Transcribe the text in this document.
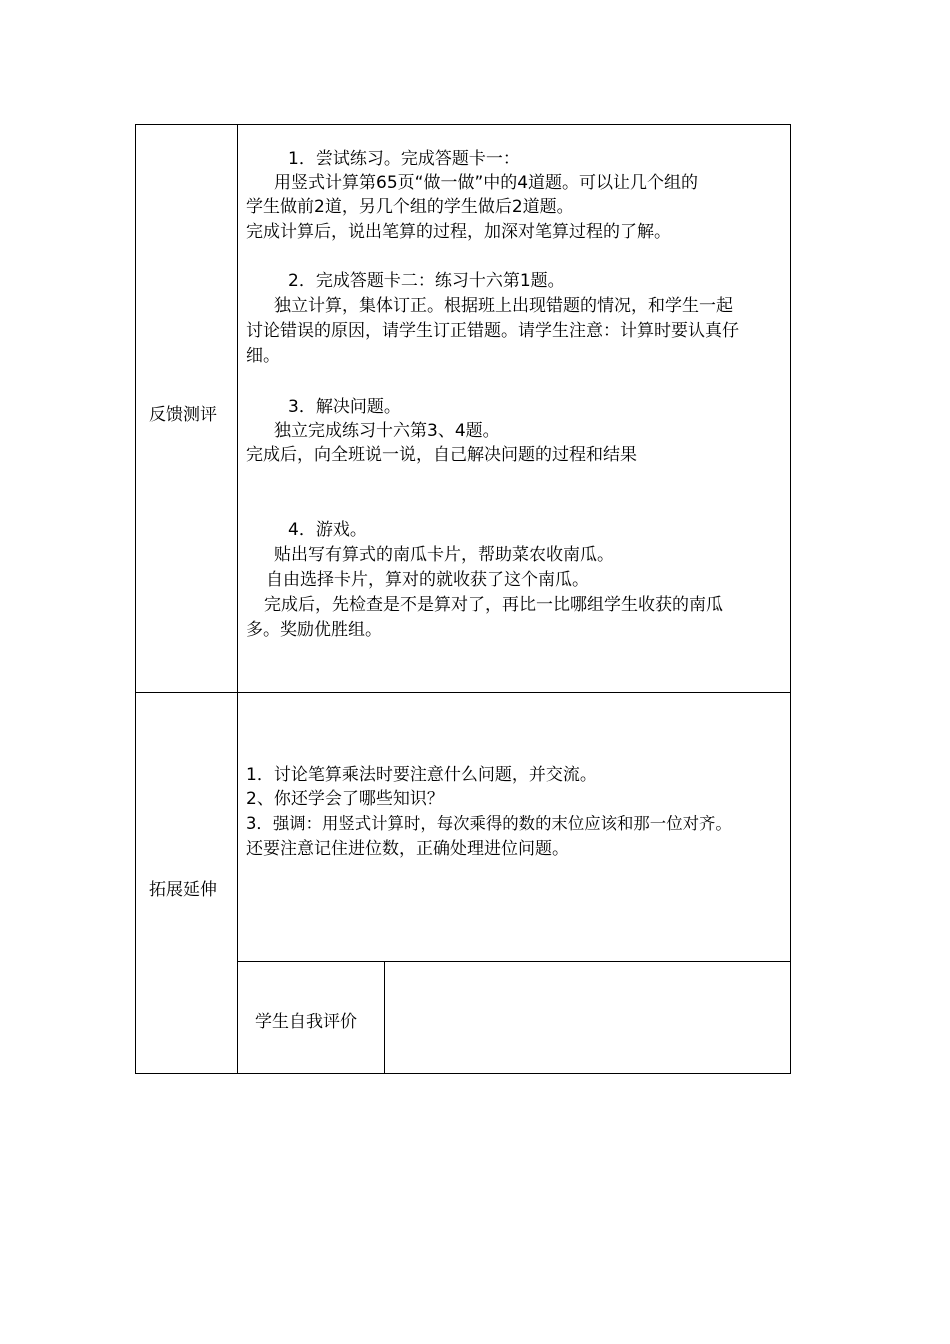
反馈测评
1．尝试练习。完成答题卡一：
用竖式计算第65页“做一做”中的4道题。可以让几个组的
学生做前2道，另几个组的学生做后2道题。
完成计算后，说出笔算的过程，加深对笔算过程的了解。
2．完成答题卡二：练习十六第1题。
独立计算，集体订正。根据班上出现错题的情况，和学生一起
讨论错误的原因，请学生订正错题。请学生注意：计算时要认真仔
细。
3．解决问题。
独立完成练习十六第3、4题。
完成后，向全班说一说，自己解决问题的过程和结果
4．游戏。
贴出写有算式的南瓜卡片，帮助菜农收南瓜。
自由选择卡片，算对的就收获了这个南瓜。
完成后，先检查是不是算对了，再比一比哪组学生收获的南瓜
多。奖励优胜组。
拓展延伸
1．讨论笔算乘法时要注意什么问题，并交流。
2、你还学会了哪些知识？
3．强调：用竖式计算时，每次乘得的数的末位应该和那一位对齐。
还要注意记住进位数，正确处理进位问题。
学生自我评价
